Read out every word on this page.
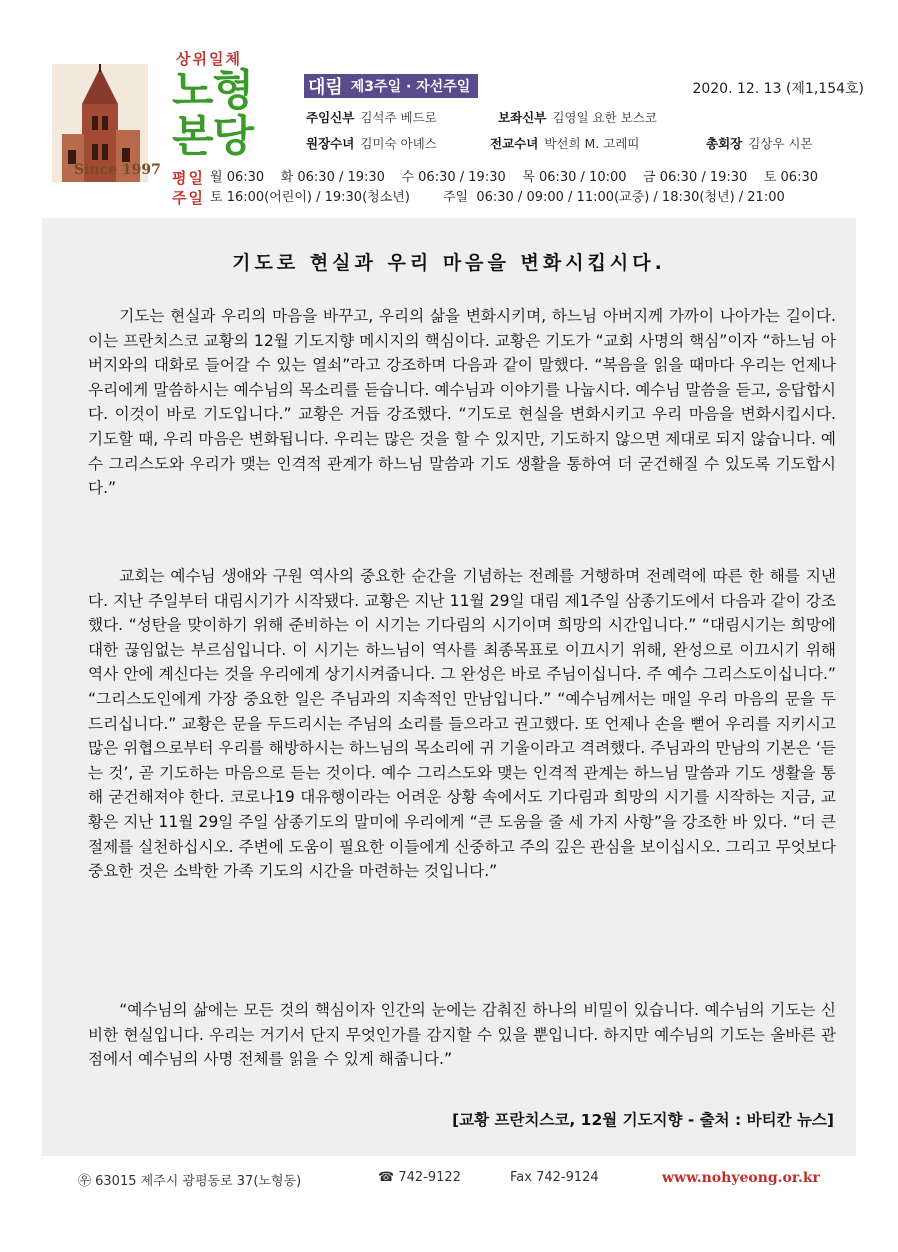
Since 1997
상위일체
노형
본당
대림 제3주일 · 자선주일	2020. 12. 13 (제1,154호)
주임신부 김석주 베드로	보좌신부 김영일 요한 보스코
원장수녀 김미숙 아녜스	전교수녀 박선희 M. 고레띠	총회장 김상우 시몬
평일 월 06:30    화 06:30 / 19:30    수 06:30 / 19:30    목 06:30 / 10:00    금 06:30 / 19:30    토 06:30
주일 토 16:00(어린이) / 19:30(청소년)        주일  06:30 / 09:00 / 11:00(교중) / 18:30(청년) / 21:00
기도로 현실과 우리 마음을 변화시킵시다.

기도는 현실과 우리의 마음을 바꾸고, 우리의 삶을 변화시키며, 하느님 아버지께 가까이 나아가는 길이다. 이는 프란치스코 교황의 12월 기도지향 메시지의 핵심이다. 교황은 기도가 “교회 사명의 핵심”이자 “하느님 아버지와의 대화로 들어갈 수 있는 열쇠”라고 강조하며 다음과 같이 말했다. “복음을 읽을 때마다 우리는 언제나 우리에게 말씀하시는 예수님의 목소리를 듣습니다. 예수님과 이야기를 나눕시다. 예수님 말씀을 듣고, 응답합시다. 이것이 바로 기도입니다.” 교황은 거듭 강조했다. “기도로 현실을 변화시키고 우리 마음을 변화시킵시다. 기도할 때, 우리 마음은 변화됩니다. 우리는 많은 것을 할 수 있지만, 기도하지 않으면 제대로 되지 않습니다. 예수 그리스도와 우리가 맺는 인격적 관계가 하느님 말씀과 기도 생활을 통하여 더 굳건해질 수 있도록 기도합시다.”

교회는 예수님 생애와 구원 역사의 중요한 순간을 기념하는 전례를 거행하며 전례력에 따른 한 해를 지낸다. 지난 주일부터 대림시기가 시작됐다. 교황은 지난 11월 29일 대림 제1주일 삼종기도에서 다음과 같이 강조했다. “성탄을 맞이하기 위해 준비하는 이 시기는 기다림의 시기이며 희망의 시간입니다.” “대림시기는 희망에 대한 끊임없는 부르심입니다. 이 시기는 하느님이 역사를 최종목표로 이끄시기 위해, 완성으로 이끄시기 위해 역사 안에 계신다는 것을 우리에게 상기시켜줍니다. 그 완성은 바로 주님이십니다. 주 예수 그리스도이십니다.” “그리스도인에게 가장 중요한 일은 주님과의 지속적인 만남입니다.” “예수님께서는 매일 우리 마음의 문을 두드리십니다.” 교황은 문을 두드리시는 주님의 소리를 들으라고 권고했다. 또 언제나 손을 뻗어 우리를 지키시고 많은 위협으로부터 우리를 해방하시는 하느님의 목소리에 귀 기울이라고 격려했다. 주님과의 만남의 기본은 ‘듣는 것’, 곧 기도하는 마음으로 듣는 것이다. 예수 그리스도와 맺는 인격적 관계는 하느님 말씀과 기도 생활을 통해 굳건해져야 한다. 코로나19 대유행이라는 어려운 상황 속에서도 기다림과 희망의 시기를 시작하는 지금, 교황은 지난 11월 29일 주일 삼종기도의 말미에 우리에게 “큰 도움을 줄 세 가지 사항”을 강조한 바 있다. “더 큰 절제를 실천하십시오. 주변에 도움이 필요한 이들에게 신중하고 주의 깊은 관심을 보이십시오. 그리고 무엇보다 중요한 것은 소박한 가족 기도의 시간을 마련하는 것입니다.”

“예수님의 삶에는 모든 것의 핵심이자 인간의 눈에는 감춰진 하나의 비밀이 있습니다. 예수님의 기도는 신비한 현실입니다. 우리는 거기서 단지 무엇인가를 감지할 수 있을 뿐입니다. 하지만 예수님의 기도는 올바른 관점에서 예수님의 사명 전체를 읽을 수 있게 해줍니다.”

[교황 프란치스코, 12월 기도지향 - 출처 : 바티칸 뉴스]
㉾ 63015 제주시 광평동로 37(노형동)	☎ 742-9122	Fax 742-9124	www.nohyeong.or.kr
